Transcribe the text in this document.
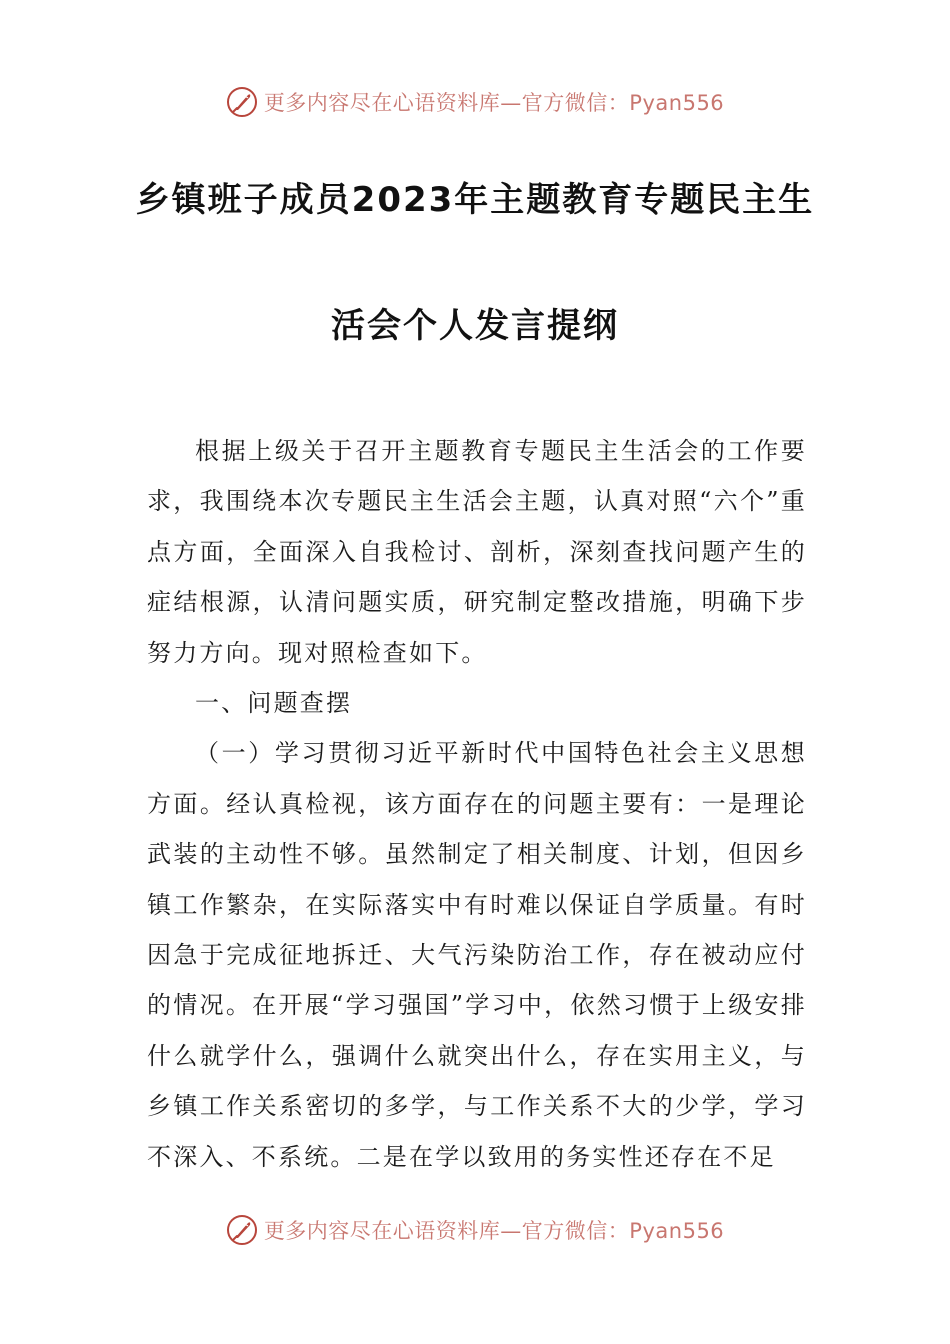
更多内容尽在心语资料库—官方微信：Pyan556
乡镇班子成员2023年主题教育专题民主生
活会个人发言提纲

根据上级关于召开主题教育专题民主生活会的工作要求，我围绕本次专题民主生活会主题，认真对照“六个”重点方面，全面深入自我检讨、剖析，深刻查找问题产生的症结根源，认清问题实质，研究制定整改措施，明确下步努力方向。现对照检查如下。

一、问题查摆

（一）学习贯彻习近平新时代中国特色社会主义思想方面。经认真检视，该方面存在的问题主要有：一是理论武装的主动性不够。虽然制定了相关制度、计划，但因乡镇工作繁杂，在实际落实中有时难以保证自学质量。有时因急于完成征地拆迁、大气污染防治工作，存在被动应付的情况。在开展“学习强国”学习中，依然习惯于上级安排什么就学什么，强调什么就突出什么，存在实用主义，与乡镇工作关系密切的多学，与工作关系不大的少学，学习不深入、不系统。二是在学以致用的务实性还存在不足

更多内容尽在心语资料库—官方微信：Pyan556
